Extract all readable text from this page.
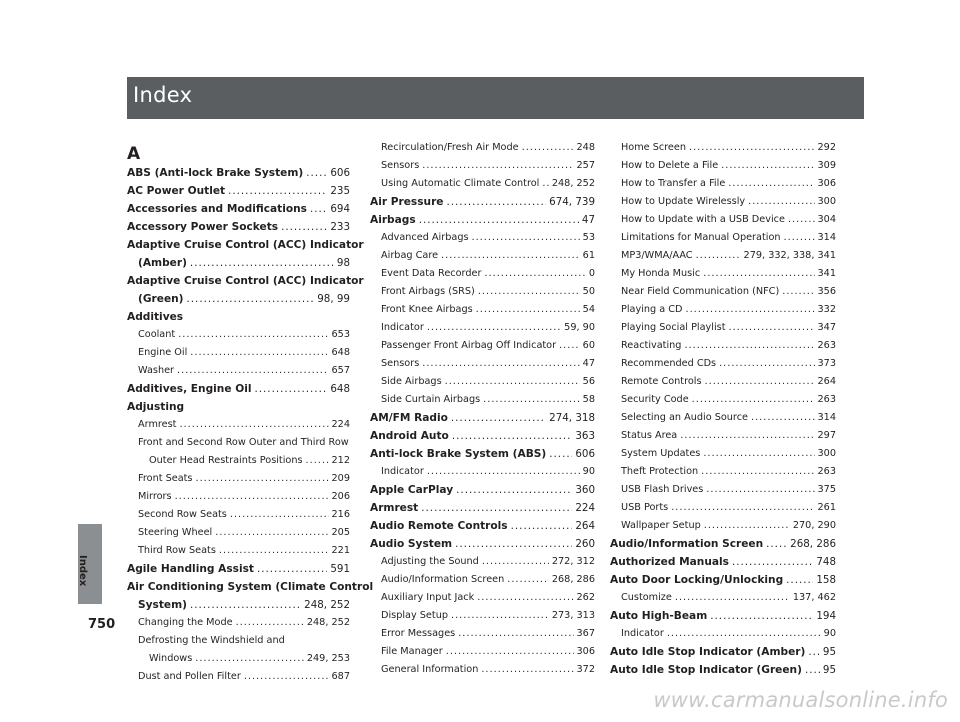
Index
Index
750
www.carmanualsonline.info
A
ABS (Anti-lock Brake System) .....	606
AC Power Outlet .....	235
Accessories and Modifications ..... 694
Accessory Power Sockets .....	233
Adaptive Cruise Control (ACC) Indicator
(Amber) .....	98
Adaptive Cruise Control (ACC) Indicator
(Green) .....	98, 99
Additives
Coolant .....	653
Engine Oil .....	648
Washer .....	657
Additives, Engine Oil .....	648
Adjusting
Armrest .....	224
Front and Second Row Outer and Third Row
Outer Head Restraints Positions .....	212
Front Seats .....	209
Mirrors .....	206
Second Row Seats .....	216
Steering Wheel .....	205
Third Row Seats .....	221
Agile Handling Assist .....	591
Air Conditioning System (Climate Control
System) .....	248, 252
Changing the Mode .....	248, 252
Defrosting the Windshield and
Windows .....	249, 253
Dust and Pollen Filter .....	687
Recirculation/Fresh Air Mode .....	248
Sensors .....	257
Using Automatic Climate Control ..... 248, 252
Air Pressure .....	674, 739
Airbags .....	47
Advanced Airbags .....	53
Airbag Care .....	61
Event Data Recorder .....	0
Front Airbags (SRS) .....	50
Front Knee Airbags .....	54
Indicator .....	59, 90
Passenger Front Airbag Off Indicator .....	60
Sensors .....	47
Side Airbags .....	56
Side Curtain Airbags .....	58
AM/FM Radio .....	274, 318
Android Auto .....	363
Anti-lock Brake System (ABS) .....	606
Indicator .....	90
Apple CarPlay .....	360
Armrest .....	224
Audio Remote Controls .....	264
Audio System .....	260
Adjusting the Sound .....	272, 312
Audio/Information Screen .....	268, 286
Auxiliary Input Jack .....	262
Display Setup .....	273, 313
Error Messages .....	367
File Manager .....	306
General Information .....	372
Home Screen .....	292
How to Delete a File .....	309
How to Transfer a File .....	306
How to Update Wirelessly .....	300
How to Update with a USB Device .....	304
Limitations for Manual Operation .....	314
MP3/WMA/AAC .....	279, 332, 338, 341
My Honda Music .....	341
Near Field Communication (NFC) .....	356
Playing a CD .....	332
Playing Social Playlist .....	347
Reactivating .....	263
Recommended CDs .....	373
Remote Controls .....	264
Security Code .....	263
Selecting an Audio Source .....	314
Status Area .....	297
System Updates .....	300
Theft Protection .....	263
USB Flash Drives .....	375
USB Ports .....	261
Wallpaper Setup .....	270, 290
Audio/Information Screen .....	268, 286
Authorized Manuals .....	748
Auto Door Locking/Unlocking .....	158
Customize .....	137, 462
Auto High-Beam .....	194
Indicator .....	90
Auto Idle Stop Indicator (Amber) ..... 95
Auto Idle Stop Indicator (Green) ..... 95
